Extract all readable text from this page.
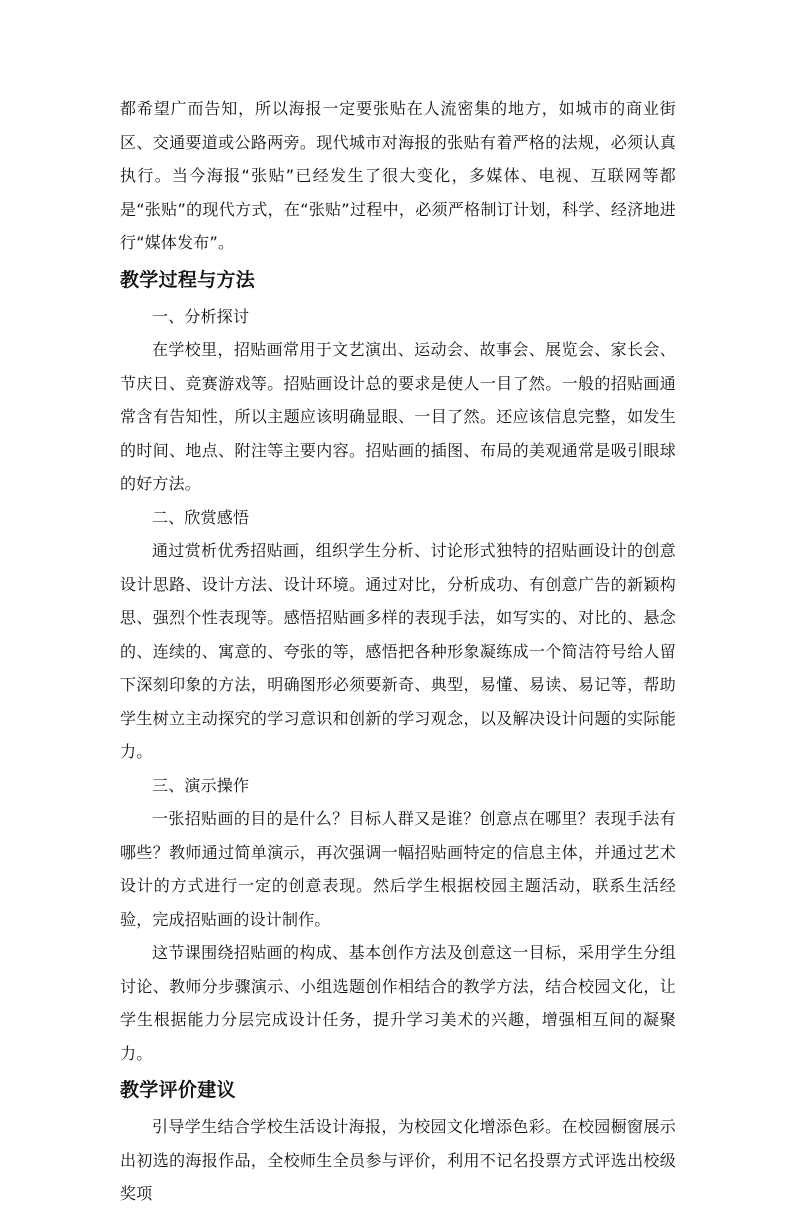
都希望广而告知，所以海报一定要张贴在人流密集的地方，如城市的商业街区、交通要道或公路两旁。现代城市对海报的张贴有着严格的法规，必须认真执行。当今海报“张贴”已经发生了很大变化，多媒体、电视、互联网等都是“张贴”的现代方式，在“张贴”过程中，必须严格制订计划，科学、经济地进行“媒体发布”。

教学过程与方法
一、分析探讨

在学校里，招贴画常用于文艺演出、运动会、故事会、展览会、家长会、节庆日、竞赛游戏等。招贴画设计总的要求是使人一目了然。一般的招贴画通常含有告知性，所以主题应该明确显眼、一目了然。还应该信息完整，如发生的时间、地点、附注等主要内容。招贴画的插图、布局的美观通常是吸引眼球的好方法。

二、欣赏感悟

通过赏析优秀招贴画，组织学生分析、讨论形式独特的招贴画设计的创意设计思路、设计方法、设计环境。通过对比，分析成功、有创意广告的新颖构思、强烈个性表现等。感悟招贴画多样的表现手法，如写实的、对比的、悬念的、连续的、寓意的、夸张的等，感悟把各种形象凝练成一个简洁符号给人留下深刻印象的方法，明确图形必须要新奇、典型，易懂、易读、易记等，帮助学生树立主动探究的学习意识和创新的学习观念，以及解决设计问题的实际能力。

三、演示操作

一张招贴画的目的是什么？目标人群又是谁？创意点在哪里？表现手法有哪些？教师通过简单演示，再次强调一幅招贴画特定的信息主体，并通过艺术设计的方式进行一定的创意表现。然后学生根据校园主题活动，联系生活经验，完成招贴画的设计制作。

这节课围绕招贴画的构成、基本创作方法及创意这一目标，采用学生分组讨论、教师分步骤演示、小组选题创作相结合的教学方法，结合校园文化，让学生根据能力分层完成设计任务，提升学习美术的兴趣，增强相互间的凝聚力。

教学评价建议

引导学生结合学校生活设计海报，为校园文化增添色彩。在校园橱窗展示出初选的海报作品，全校师生全员参与评价，利用不记名投票方式评选出校级奖项
